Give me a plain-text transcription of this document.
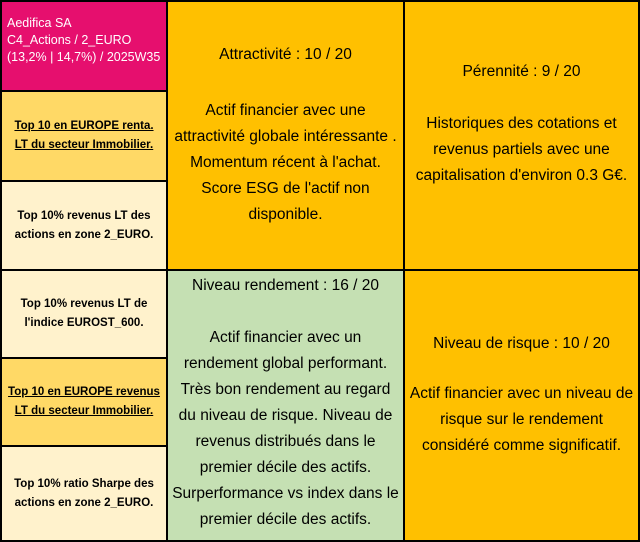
Aedifica SA
C4_Actions / 2_EURO
(13,2% | 14,7%) / 2025W35
Top 10 en EUROPE renta. LT du secteur Immobilier.
Top 10% revenus LT des actions en zone 2_EURO.
Top 10% revenus LT de l'indice EUROST_600.
Top 10 en EUROPE revenus LT du secteur Immobilier.
Top 10% ratio Sharpe des actions en zone 2_EURO.
Attractivité : 10 / 20
Actif financier avec une attractivité globale intéressante . Momentum récent à l'achat. Score ESG de l'actif non disponible.
Pérennité : 9 / 20
Historiques des cotations et revenus partiels avec une capitalisation d'environ 0.3 G€.
Niveau rendement : 16 / 20
Actif financier avec un rendement global performant. Très bon rendement au regard du niveau de risque. Niveau de revenus distribués dans le premier décile des actifs. Surperformance vs index dans le premier décile des actifs.
Niveau de risque : 10 / 20
Actif financier avec un niveau de risque sur le rendement considéré comme significatif.
